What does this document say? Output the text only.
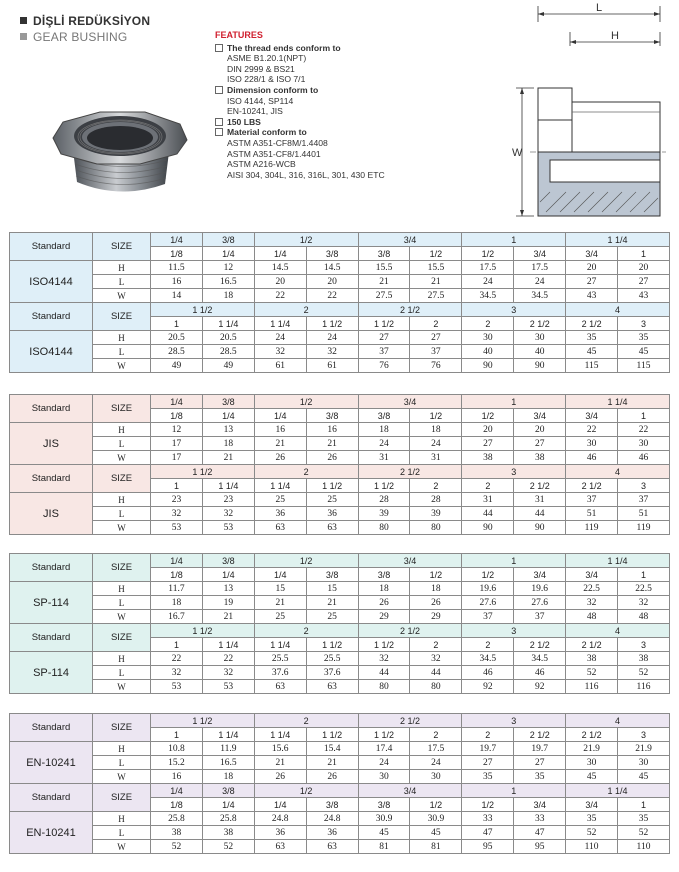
DİŞLİ REDÜKSİYON
GEAR BUSHING	FEATURES
The thread ends conform to
ASME B1.20.1(NPT)
DIN 2999 & BS21
ISO 228/1 & ISO 7/1
Dimension conform to
ISO 4144, SP114
EN-10241, JIS
150 LBS
Material conform to
ASTM A351-CF8M/1.4408
ASTM A351-CF8/1.4401
ASTM A216-WCB
AISI 304, 304L, 316, 316L, 301, 430 ETC
L
H
W
Standard	SIZE	1/4	3/8	1/2		3/4		1		1 1/4	
		1/8	1/4	1/4	3/8	3/8	1/2	1/2	3/4	3/4	1
ISO4144	H	11.5	12	14.5	14.5	15.5	15.5	17.5	17.5	20	20
	L	16	16.5	20	20	21	21	24	24	27	27
	W	14	18	22	22	27.5	27.5	34.5	34.5	43	43
Standard	SIZE	1 1/2		2		2 1/2		3		4	
		1	1 1/4	1 1/4	1 1/2	1 1/2	2	2	2 1/2	2 1/2	3
ISO4144	H	20.5	20.5	24	24	27	27	30	30	35	35
	L	28.5	28.5	32	32	37	37	40	40	45	45
	W	49	49	61	61	76	76	90	90	115	115
Standard	SIZE	1/4	3/8	1/2		3/4		1		1 1/4	
		1/8	1/4	1/4	3/8	3/8	1/2	1/2	3/4	3/4	1
JIS	H	12	13	16	16	18	18	20	20	22	22
	L	17	18	21	21	24	24	27	27	30	30
	W	17	21	26	26	31	31	38	38	46	46
Standard	SIZE	1 1/2		2		2 1/2		3		4	
		1	1 1/4	1 1/4	1 1/2	1 1/2	2	2	2 1/2	2 1/2	3
JIS	H	23	23	25	25	28	28	31	31	37	37
	L	32	32	36	36	39	39	44	44	51	51
	W	53	53	63	63	80	80	90	90	119	119
Standard	SIZE	1/4	3/8	1/2		3/4		1		1 1/4	
		1/8	1/4	1/4	3/8	3/8	1/2	1/2	3/4	3/4	1
SP-114	H	11.7	13	15	15	18	18	19.6	19.6	22.5	22.5
	L	18	19	21	21	26	26	27.6	27.6	32	32
	W	16.7	21	25	25	29	29	37	37	48	48
Standard	SIZE	1 1/2		2		2 1/2		3		4	
		1	1 1/4	1 1/4	1 1/2	1 1/2	2	2	2 1/2	2 1/2	3
SP-114	H	22	22	25.5	25.5	32	32	34.5	34.5	38	38
	L	32	32	37.6	37.6	44	44	46	46	52	52
	W	53	53	63	63	80	80	92	92	116	116
Standard	SIZE	1 1/2		2		2 1/2		3		4	
		1	1 1/4	1 1/4	1 1/2	1 1/2	2	2	2 1/2	2 1/2	3
EN-10241	H	10.8	11.9	15.6	15.4	17.4	17.5	19.7	19.7	21.9	21.9
	L	15.2	16.5	21	21	24	24	27	27	30	30
	W	16	18	26	26	30	30	35	35	45	45
Standard	SIZE	1/4	3/8	1/2		3/4		1		1 1/4	
		1/8	1/4	1/4	3/8	3/8	1/2	1/2	3/4	3/4	1
EN-10241	H	25.8	25.8	24.8	24.8	30.9	30.9	33	33	35	35
	L	38	38	36	36	45	45	47	47	52	52
	W	52	52	63	63	81	81	95	95	110	110
